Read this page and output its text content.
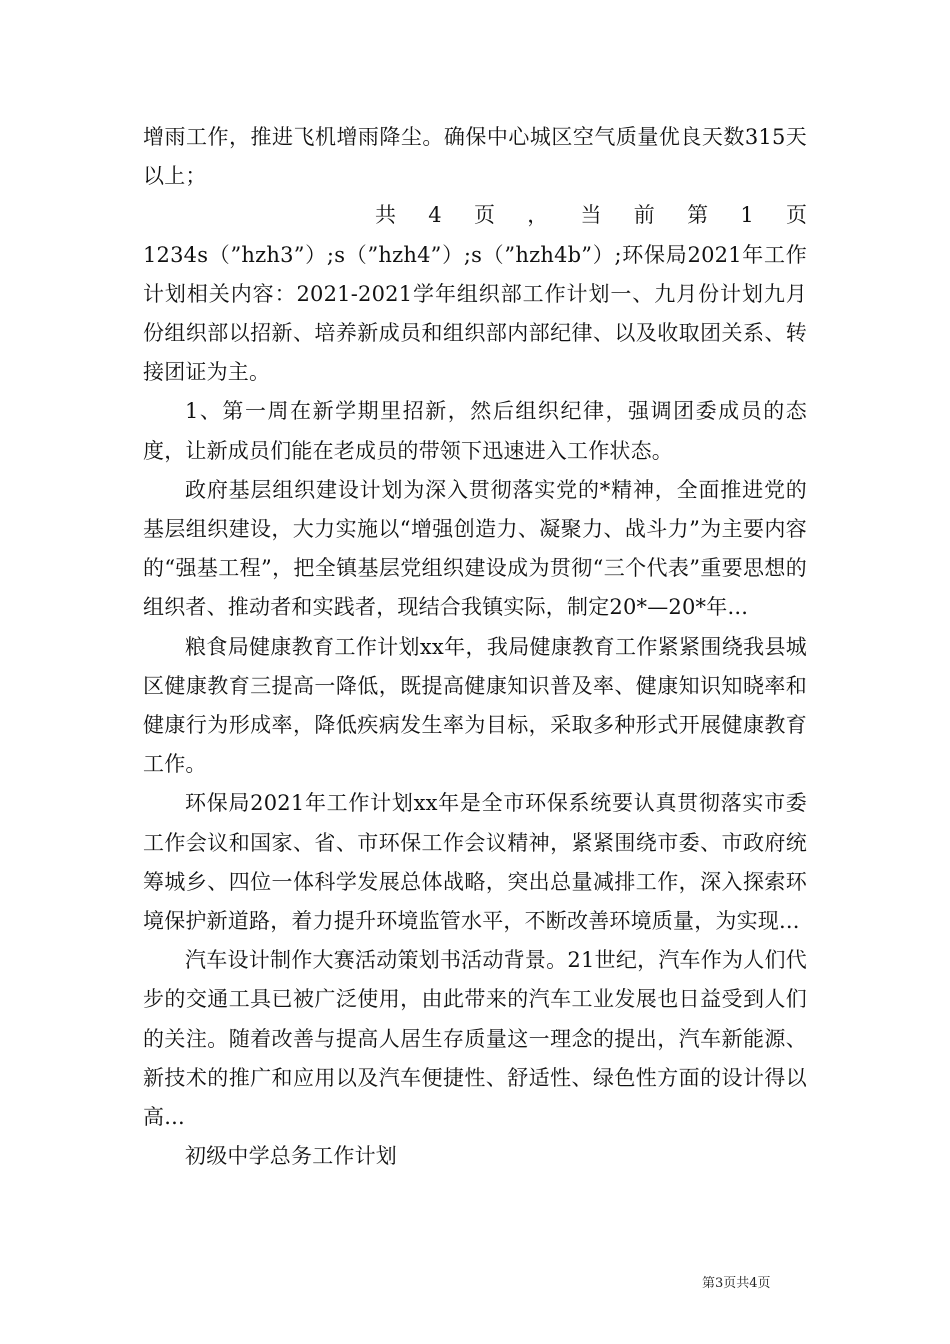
增雨工作，推进飞机增雨降尘。确保中心城区空气质量优良天数315天以上；

共 4 页 ， 当 前 第 1 页

1234s（”hzh3”）;s（”hzh4”）;s（”hzh4b”）;环保局2021年工作计划相关内容：2021-2021学年组织部工作计划一、九月份计划九月份组织部以招新、培养新成员和组织部内部纪律、以及收取团关系、转接团证为主。

1、第一周在新学期里招新，然后组织纪律，强调团委成员的态度，让新成员们能在老成员的带领下迅速进入工作状态。

政府基层组织建设计划为深入贯彻落实党的*精神，全面推进党的基层组织建设，大力实施以“增强创造力、凝聚力、战斗力”为主要内容的“强基工程”，把全镇基层党组织建设成为贯彻“三个代表”重要思想的组织者、推动者和实践者，现结合我镇实际，制定20*—20*年...

粮食局健康教育工作计划xx年，我局健康教育工作紧紧围绕我县城区健康教育三提高一降低，既提高健康知识普及率、健康知识知晓率和健康行为形成率，降低疾病发生率为目标，采取多种形式开展健康教育工作。

环保局2021年工作计划xx年是全市环保系统要认真贯彻落实市委工作会议和国家、省、市环保工作会议精神，紧紧围绕市委、市政府统筹城乡、四位一体科学发展总体战略，突出总量减排工作，深入探索环境保护新道路，着力提升环境监管水平，不断改善环境质量，为实现...

汽车设计制作大赛活动策划书活动背景。21世纪，汽车作为人们代步的交通工具已被广泛使用，由此带来的汽车工业发展也日益受到人们的关注。随着改善与提高人居生存质量这一理念的提出，汽车新能源、新技术的推广和应用以及汽车便捷性、舒适性、绿色性方面的设计得以高...

初级中学总务工作计划

第3页共4页
